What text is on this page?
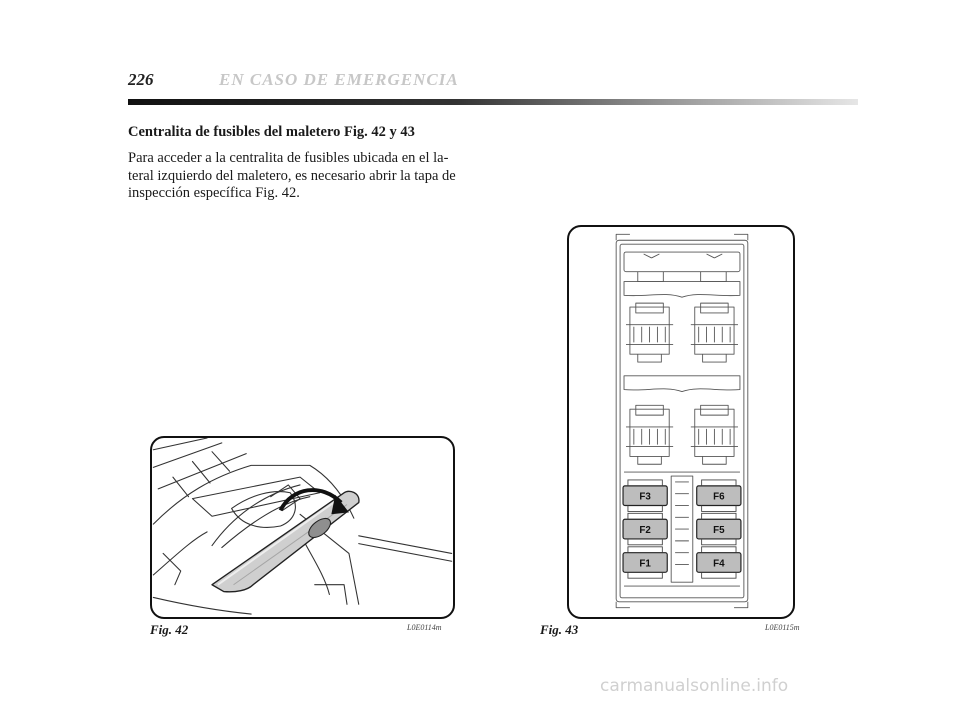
226	EN CASO DE EMERGENCIA
Centralita de fusibles del maletero Fig. 42 y 43

Para acceder a la centralita de fusibles ubicada en el la-
teral izquierdo del maletero, es necesario abrir la tapa de
inspección específica Fig. 42.

Fig. 42	L0E0114m
F3	F6
F2	F5
F1	F4
Fig. 43	L0E0115m
carmanualsonline.info
